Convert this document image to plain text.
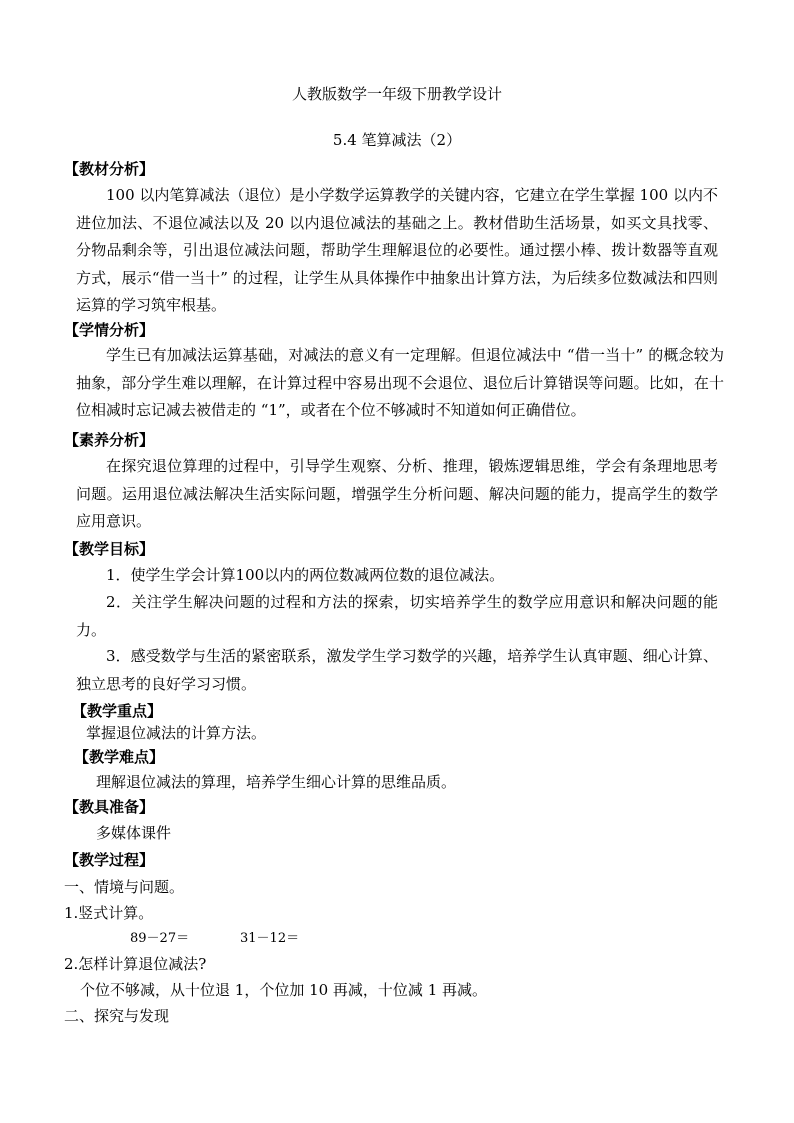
人教版数学一年级下册教学设计
5.4 笔算减法（2）
【教材分析】

100 以内笔算减法（退位）是小学数学运算教学的关键内容，它建立在学生掌握 100 以内不进位加法、不退位减法以及 20 以内退位减法的基础之上。教材借助生活场景，如买文具找零、分物品剩余等，引出退位减法问题，帮助学生理解退位的必要性。通过摆小棒、拨计数器等直观方式，展示“借一当十” 的过程，让学生从具体操作中抽象出计算方法，为后续多位数减法和四则运算的学习筑牢根基。

【学情分析】

学生已有加减法运算基础，对减法的意义有一定理解。但退位减法中 “借一当十” 的概念较为抽象，部分学生难以理解，在计算过程中容易出现不会退位、退位后计算错误等问题。比如，在十位相减时忘记减去被借走的 “1”，或者在个位不够减时不知道如何正确借位。

【素养分析】

在探究退位算理的过程中，引导学生观察、分析、推理，锻炼逻辑思维，学会有条理地思考问题。运用退位减法解决生活实际问题，增强学生分析问题、解决问题的能力，提高学生的数学应用意识。

【教学目标】

1．使学生学会计算100以内的两位数减两位数的退位减法。

2．关注学生解决问题的过程和方法的探索，切实培养学生的数学应用意识和解决问题的能力。

3．感受数学与生活的紧密联系，激发学生学习数学的兴趣，培养学生认真审题、细心计算、独立思考的良好学习习惯。

【教学重点】
掌握退位减法的计算方法。
【教学难点】
理解退位减法的算理，培养学生细心计算的思维品质。
【教具准备】
多媒体课件
【教学过程】
一、情境与问题。
1.竖式计算。
89－27＝	31－12＝
2.怎样计算退位减法?
个位不够减，从十位退 1，个位加 10 再减，十位减 1 再减。
二、探究与发现
